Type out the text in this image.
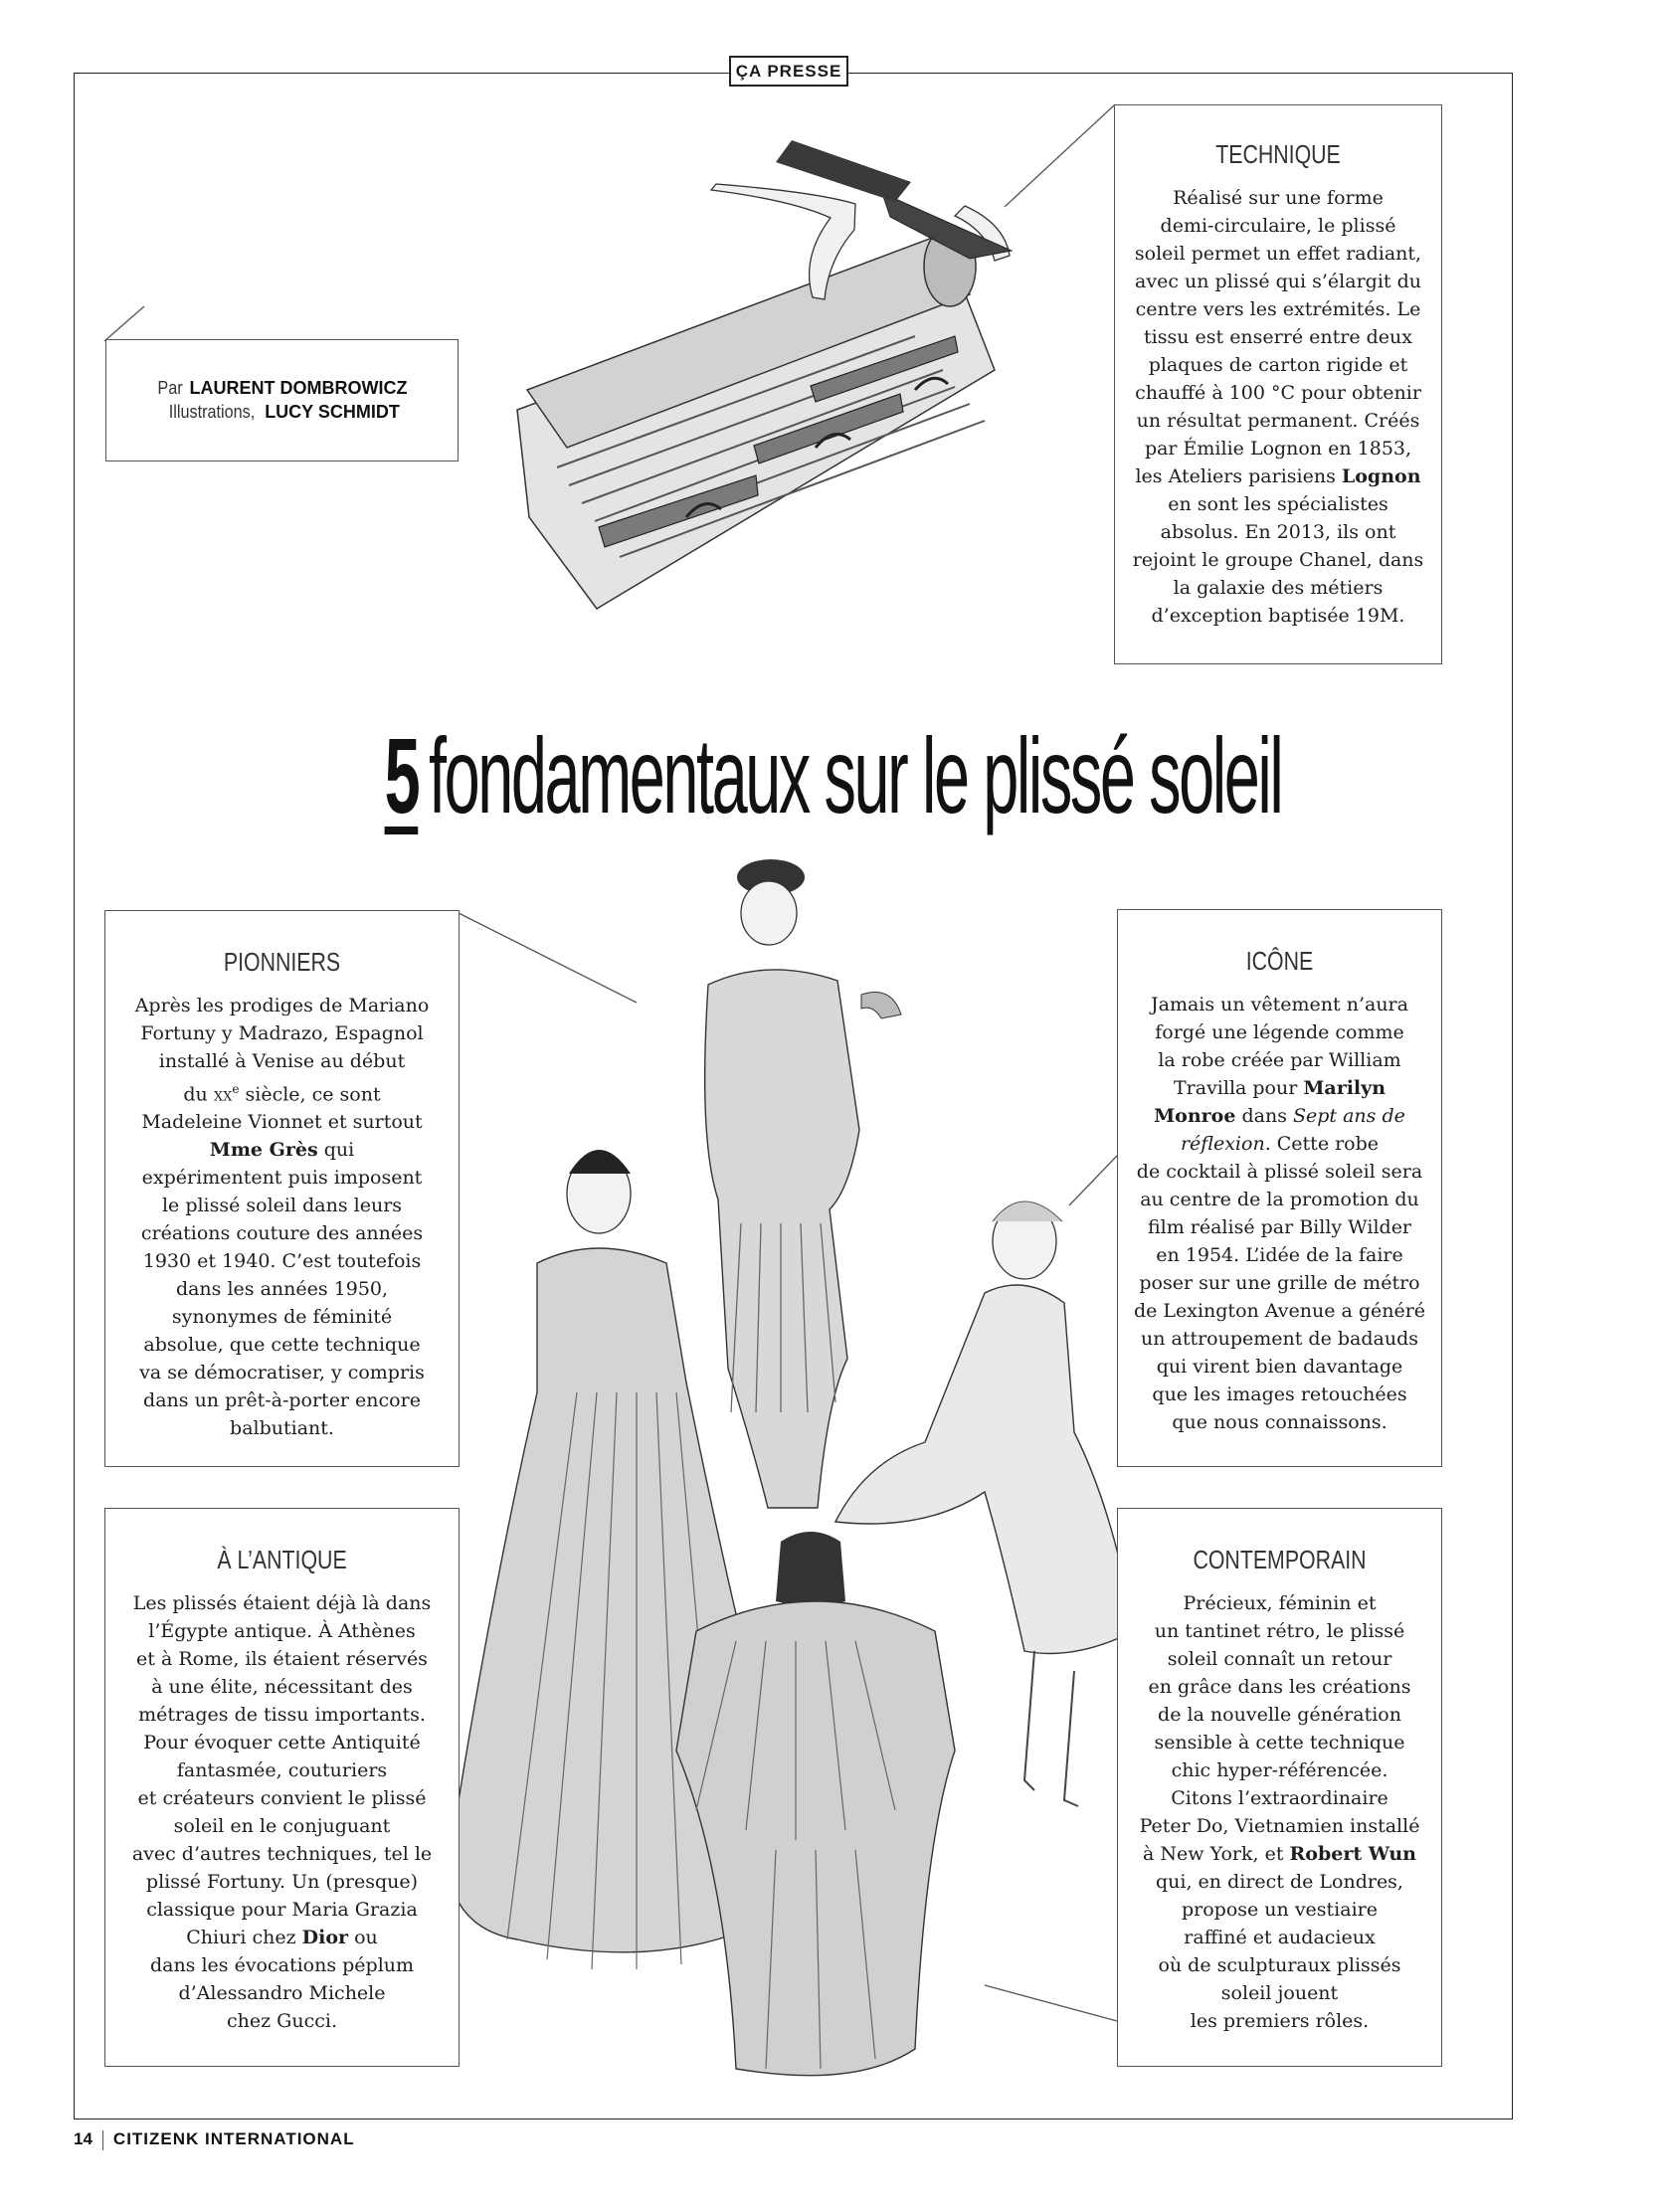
ÇA PRESSE
Par LAURENT DOMBROWICZ
Illustrations, LUCY SCHMIDT
TECHNIQUE

Réalisé sur une forme
demi-circulaire, le plissé
soleil permet un effet radiant,
avec un plissé qui s’élargit du
centre vers les extrémités. Le
tissu est enserré entre deux
plaques de carton rigide et
chauffé à 100 °C pour obtenir
un résultat permanent. Créés
par Émilie Lognon en 1853,
les Ateliers parisiens Lognon
en sont les spécialistes
absolus. En 2013, ils ont
rejoint le groupe Chanel, dans
la galaxie des métiers
d’exception baptisée 19M.

5fondamentaux sur le plissé soleil
PIONNIERS

Après les prodiges de Mariano
Fortuny y Madrazo, Espagnol
installé à Venise au début
du $xx^e$ siècle, ce sont
Madeleine Vionnet et surtout
Mme Grès qui
expérimentent puis imposent
le plissé soleil dans leurs
créations couture des années
1930 et 1940. C’est toutefois
dans les années 1950,
synonymes de féminité
absolue, que cette technique
va se démocratiser, y compris
dans un prêt-à-porter encore
balbutiant.

ICÔNE

Jamais un vêtement n’aura
forgé une légende comme
la robe créée par William
Travilla pour Marilyn
Monroe dans Sept ans de
réflexion. Cette robe
de cocktail à plissé soleil sera
au centre de la promotion du
film réalisé par Billy Wilder
en 1954. L’idée de la faire
poser sur une grille de métro
de Lexington Avenue a généré
un attroupement de badauds
qui virent bien davantage
que les images retouchées
que nous connaissons.

À L’ANTIQUE

Les plissés étaient déjà là dans
l’Égypte antique. À Athènes
et à Rome, ils étaient réservés
à une élite, nécessitant des
métrages de tissu importants.
Pour évoquer cette Antiquité
fantasmée, couturiers
et créateurs convient le plissé
soleil en le conjuguant
avec d’autres techniques, tel le
plissé Fortuny. Un (presque)
classique pour Maria Grazia
Chiuri chez Dior ou
dans les évocations péplum
d’Alessandro Michele
chez Gucci.

CONTEMPORAIN

Précieux, féminin et
un tantinet rétro, le plissé
soleil connaît un retour
en grâce dans les créations
de la nouvelle génération
sensible à cette technique
chic hyper-référencée.
Citons l’extraordinaire
Peter Do, Vietnamien installé
à New York, et Robert Wun
qui, en direct de Londres,
propose un vestiaire
raffiné et audacieux
où de sculpturaux plissés
soleil jouent
les premiers rôles.

14 CITIZENK INTERNATIONAL
